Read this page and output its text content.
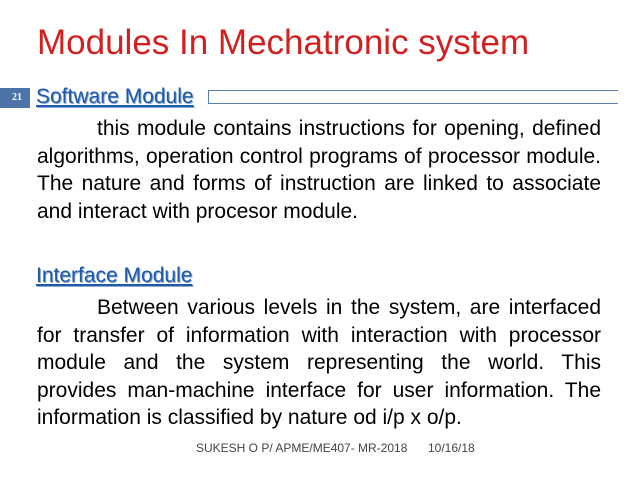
Modules In Mechatronic system
21 Software Module
this module contains instructions for opening, defined algorithms, operation control programs of processor module. The nature and forms of instruction are linked to associate and interact with procesor module.
Interface Module
Between various levels in the system, are interfaced for transfer of information with interaction with processor module and the system representing the world. This provides man-machine interface for user information. The information is classified by nature od i/p x o/p.
SUKESH O P/ APME/ME407- MR-2018 10/16/18
